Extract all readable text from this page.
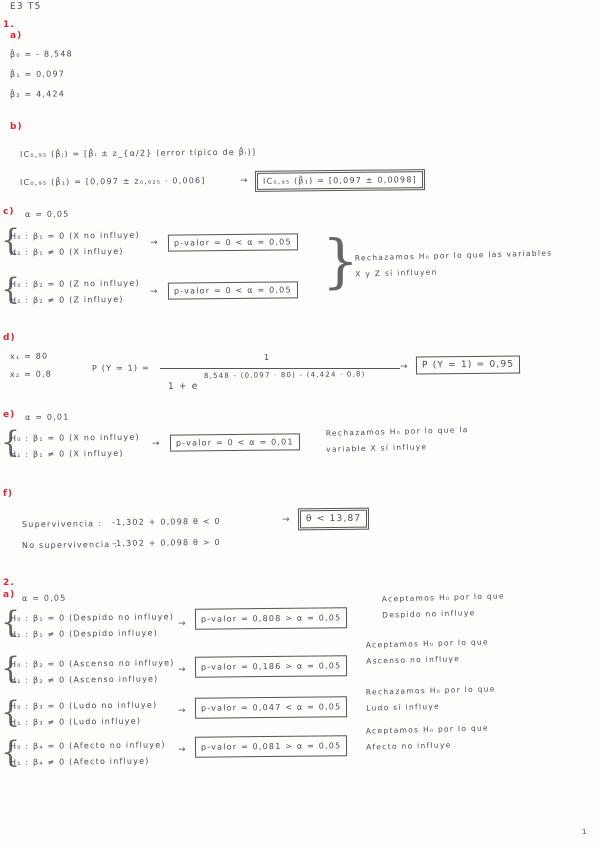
E3 T5
1.
a)
β̂₀ = - 8,548
β̂₁ = 0,097
β̂₂ = 4,424
b)
IC₀,₉₅ (β̂ᵢ) = [β̂ᵢ ± z_{α/2} (error típico de β̂ᵢ)]
IC₀,₉₅ (β̂₁) = [0,097 ± z₀,₀₂₅ · 0,006]	→	IC₀,₉₅ (β̂₁) = [0,097 ± 0,0098]
c) α = 0,05
{
H₀ : β₁ = 0 (X no influye)
H₁ : β₁ ≠ 0 (X influye)
→	p-valor = 0 < α = 0,05
{
H₀ : β₂ = 0 (Z no influye)
H₁ : β₂ ≠ 0 (Z influye)
→	p-valor = 0 < α = 0,05 }
Rechazamos H₀ por lo que las variables
X y Z sí influyen
d)
x₁ = 80
x₂ = 0,8
P (Y = 1) =
1
1 + e
8,548 - (0,097 · 80) - (4,424 · 0,8)
→	P (Y = 1) = 0,95
e) α = 0,01
{
H₀ : β₁ = 0 (X no influye)
H₁ : β₁ ≠ 0 (X influye)
→	p-valor = 0 < α = 0,01
Rechazamos H₀ por lo que la
variable X sí influye
f)
Supervivencia : -1,302 + 0,098 θ < 0	→	θ < 13,87
No supervivencia :
-1,302 + 0,098 θ > 0
2.
a) α = 0,05
{
H₀ : β₁ = 0 (Despido no influye)
H₁ : β₁ ≠ 0 (Despido influye)
→
p-valor = 0,808 > α = 0,05
Aceptamos H₀ por lo que
Despido no influye
{
H₀ : β₂ = 0 (Ascenso no influye)
H₁ : β₂ ≠ 0 (Ascenso influye)
→	p-valor = 0,186 > α = 0,05
Aceptamos H₀ por lo que
Ascenso no influye
{
H₀ : β₃ = 0 (Ludo no influye)
H₁ : β₃ ≠ 0 (Ludo influye)
→	p-valor = 0,047 < α = 0,05
Rechazamos H₀ por lo que
Ludo sí influye
{
H₀ : β₄ = 0 (Afecto no influye)
H₁ : β₄ ≠ 0 (Afecto influye)
→	p-valor = 0,081 > α = 0,05
Aceptamos H₀ por lo que
Afecto no influye
1
